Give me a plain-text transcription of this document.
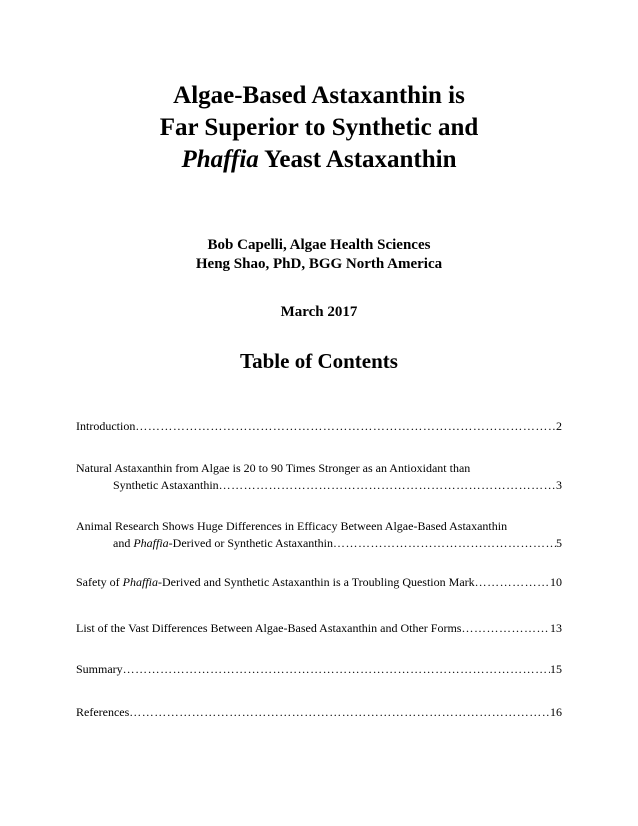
Algae-Based Astaxanthin is
Far Superior to Synthetic and
Phaffia Yeast Astaxanthin
Bob Capelli, Algae Health Sciences
Heng Shao, PhD, BGG North America
March 2017
Table of Contents
Introduction ………………………………………………………………………………………………………………………………………………………………………………	2
Natural Astaxanthin from Algae is 20 to 90 Times Stronger as an Antioxidant than
Synthetic Astaxanthin ………………………………………………………………………………………………………………………………………………………………………………	3
Animal Research Shows Huge Differences in Efficacy Between Algae-Based Astaxanthin
and Phaffia-Derived or Synthetic Astaxanthin ………………………………………………………………………………………………………………………………………………………………………………	5
Safety of Phaffia-Derived and Synthetic Astaxanthin is a Troubling Question Mark ………………………………………………………………………………………………………………………………………………………………………………	10
List of the Vast Differences Between Algae-Based Astaxanthin and Other Forms ………………………………………………………………………………………………………………………………………………………………………………	13
Summary ………………………………………………………………………………………………………………………………………………………………………………	15
References ………………………………………………………………………………………………………………………………………………………………………………	16
